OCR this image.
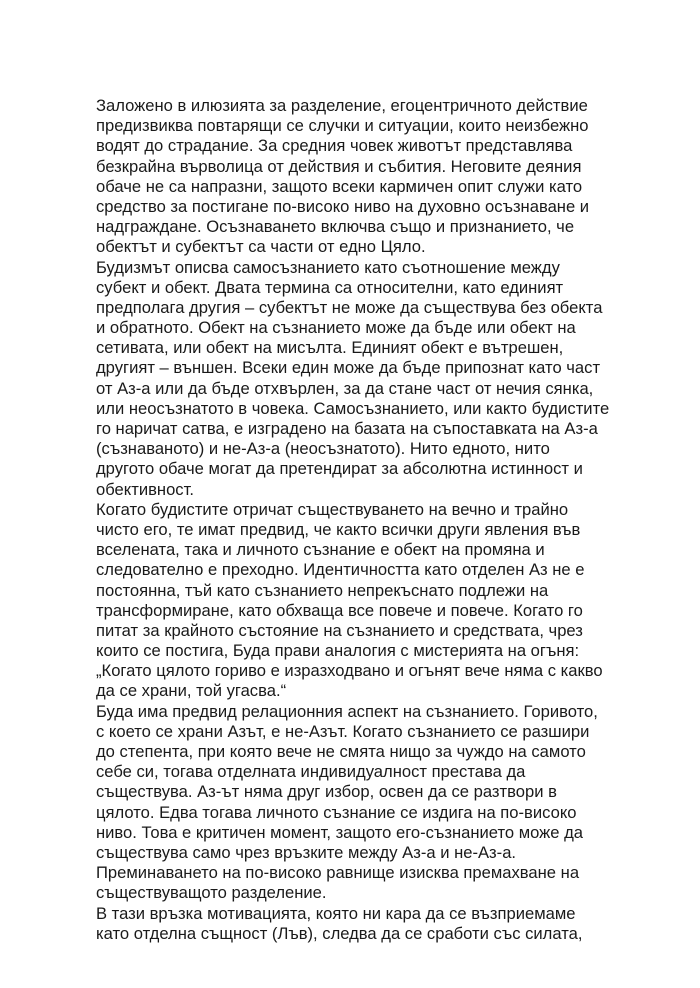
Заложено в илюзията за разделение, егоцентричното действие
предизвиква повтарящи се случки и ситуации, които неизбежно
водят до страдание. За средния човек животът представлява
безкрайна върволица от действия и събития. Неговите деяния
обаче не са напразни, защото всеки кармичен опит служи като
средство за постигане по-високо ниво на духовно осъзнаване и
надграждане. Осъзнаването включва също и признанието, че
обектът и субектът са части от едно Цяло.
Будизмът описва самосъзнанието като съотношение между
субект и обект. Двата термина са относителни, като единият
предполага другия – субектът не може да съществува без обекта
и обратното. Обект на съзнанието може да бъде или обект на
сетивата, или обект на мисълта. Единият обект е вътрешен,
другият – външен. Всеки един може да бъде припознат като част
от Аз-а или да бъде отхвърлен, за да стане част от нечия сянка,
или неосъзнатото в човека. Самосъзнанието, или както будистите
го наричат сатва, е изградено на базата на съпоставката на Аз-а
(съзнаваното) и не-Аз-а (неосъзнатото). Нито едното, нито
другото обаче могат да претендират за абсолютна истинност и
обективност.
Когато будистите отричат съществуването на вечно и трайно
чисто его, те имат предвид, че както всички други явления във
вселената, така и личното съзнание е обект на промяна и
следователно е преходно. Идентичността като отделен Аз не е
постоянна, тъй като съзнанието непрекъснато подлежи на
трансформиране, като обхваща все повече и повече. Когато го
питат за крайното състояние на съзнанието и средствата, чрез
които се постига, Буда прави аналогия с мистерията на огъня:
„Когато цялото гориво е изразходвано и огънят вече няма с какво
да се храни, той угасва.“
Буда има предвид релационния аспект на съзнанието. Горивото,
с което се храни Азът, е не-Азът. Когато съзнанието се разшири
до степента, при която вече не смята нищо за чуждо на самото
себе си, тогава отделната индивидуалност престава да
съществува. Аз-ът няма друг избор, освен да се разтвори в
цялото. Едва тогава личното съзнание се издига на по-високо
ниво. Това е критичен момент, защото его-съзнанието може да
съществува само чрез връзките между Аз-а и не-Аз-а.
Преминаването на по-високо равнище изисква премахване на
съществуващото разделение.
В тази връзка мотивацията, която ни кара да се възприемаме
като отделна същност (Лъв), следва да се сработи със силата,
